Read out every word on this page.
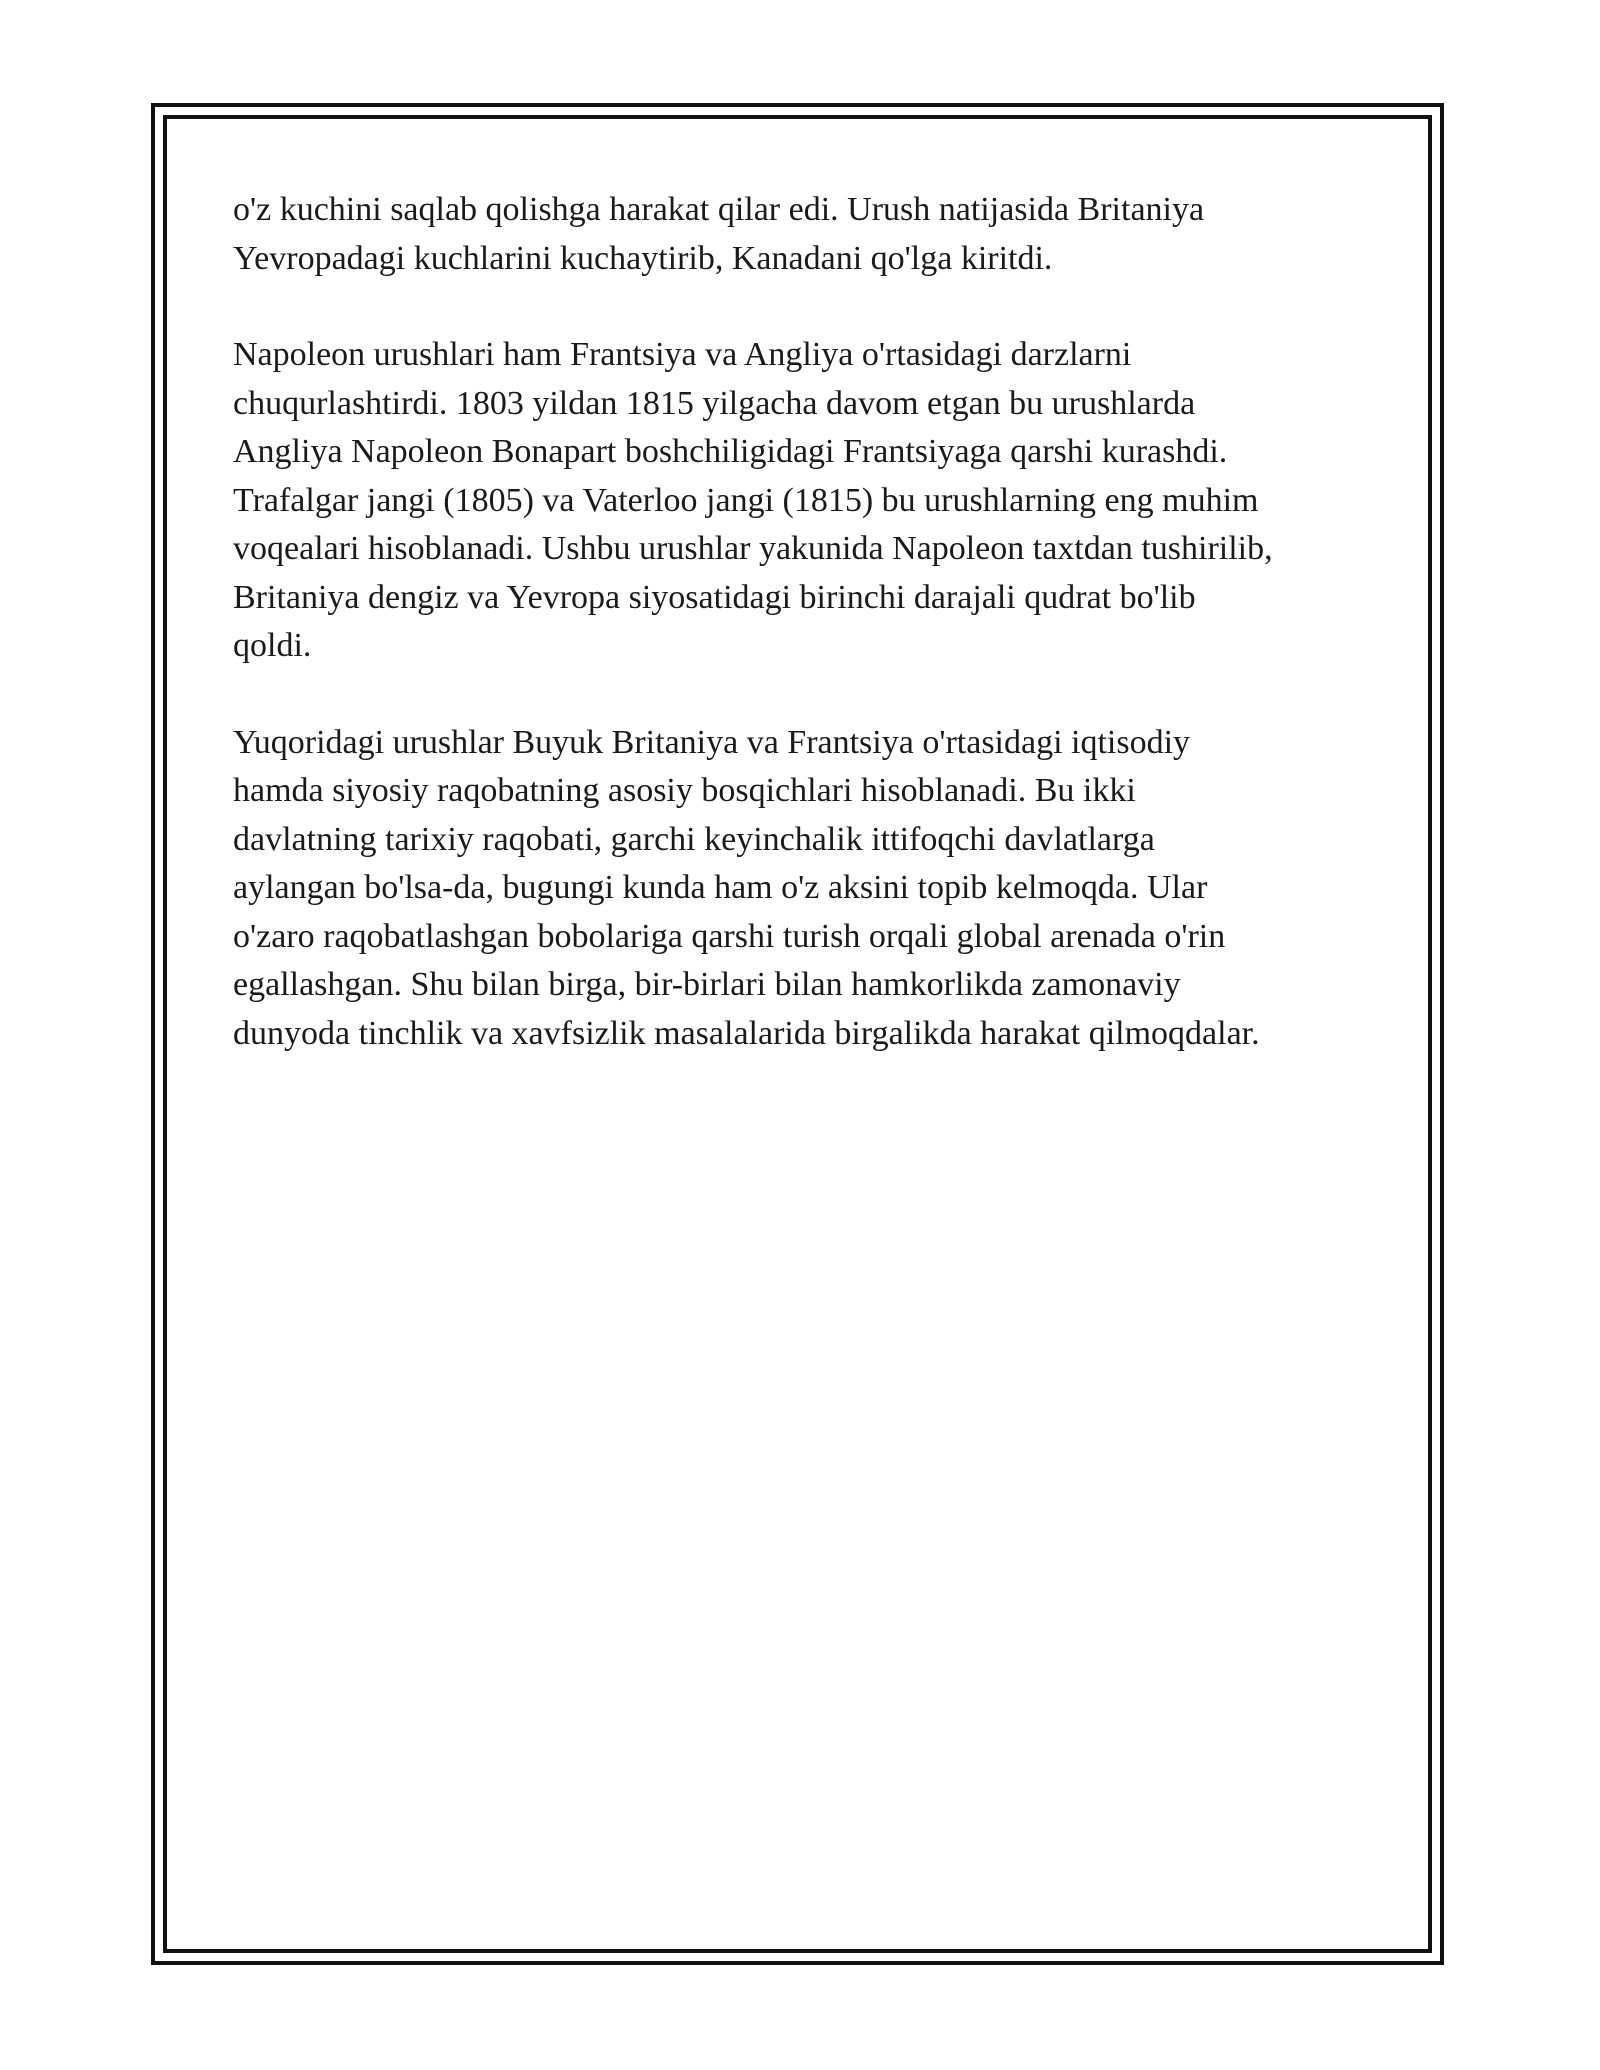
o'z kuchini saqlab qolishga harakat qilar edi. Urush natijasida Britaniya
Yevropadagi kuchlarini kuchaytirib, Kanadani qo'lga kiritdi.

Napoleon urushlari ham Frantsiya va Angliya o'rtasidagi darzlarni
chuqurlashtirdi. 1803 yildan 1815 yilgacha davom etgan bu urushlarda
Angliya Napoleon Bonapart boshchiligidagi Frantsiyaga qarshi kurashdi.
Trafalgar jangi (1805) va Vaterloo jangi (1815) bu urushlarning eng muhim
voqealari hisoblanadi. Ushbu urushlar yakunida Napoleon taxtdan tushirilib,
Britaniya dengiz va Yevropa siyosatidagi birinchi darajali qudrat bo'lib
qoldi.

Yuqoridagi urushlar Buyuk Britaniya va Frantsiya o'rtasidagi iqtisodiy
hamda siyosiy raqobatning asosiy bosqichlari hisoblanadi. Bu ikki
davlatning tarixiy raqobati, garchi keyinchalik ittifoqchi davlatlarga
aylangan bo'lsa-da, bugungi kunda ham o'z aksini topib kelmoqda. Ular
o'zaro raqobatlashgan bobolariga qarshi turish orqali global arenada o'rin
egallashgan. Shu bilan birga, bir-birlari bilan hamkorlikda zamonaviy
dunyoda tinchlik va xavfsizlik masalalarida birgalikda harakat qilmoqdalar.
